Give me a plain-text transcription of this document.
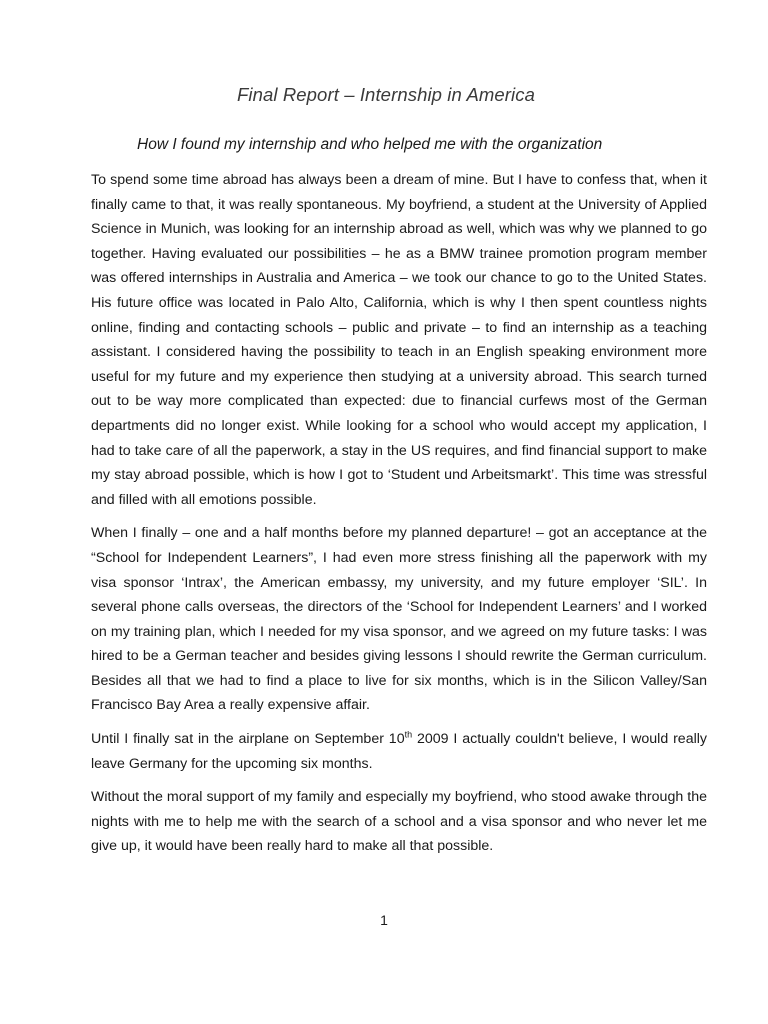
Final Report – Internship in America
How I found my internship and who helped me with the organization

To spend some time abroad has always been a dream of mine. But I have to confess that, when it finally came to that, it was really spontaneous. My boyfriend, a student at the University of Applied Science in Munich, was looking for an internship abroad as well, which was why we planned to go together. Having evaluated our possibilities – he as a BMW trainee promotion program member was offered internships in Australia and America – we took our chance to go to the United States. His future office was located in Palo Alto, California, which is why I then spent countless nights online, finding and contacting schools – public and private – to find an internship as a teaching assistant. I considered having the possibility to teach in an English speaking environment more useful for my future and my experience then studying at a university abroad. This search turned out to be way more complicated than expected: due to financial curfews most of the German departments did no longer exist. While looking for a school who would accept my application, I had to take care of all the paperwork, a stay in the US requires, and find financial support to make my stay abroad possible, which is how I got to ‘Student und Arbeitsmarkt’. This time was stressful and filled with all emotions possible.

When I finally – one and a half months before my planned departure! – got an acceptance at the “School for Independent Learners”, I had even more stress finishing all the paperwork with my visa sponsor ‘Intrax’, the American embassy, my university, and my future employer ‘SIL’. In several phone calls overseas, the directors of the ‘School for Independent Learners’ and I worked on my training plan, which I needed for my visa sponsor, and we agreed on my future tasks: I was hired to be a German teacher and besides giving lessons I should rewrite the German curriculum. Besides all that we had to find a place to live for six months, which is in the Silicon Valley/San Francisco Bay Area a really expensive affair.

Until I finally sat in the airplane on September 10th 2009 I actually couldn't believe, I would really leave Germany for the upcoming six months.

Without the moral support of my family and especially my boyfriend, who stood awake through the nights with me to help me with the search of a school and a visa sponsor and who never let me give up, it would have been really hard to make all that possible.

1
